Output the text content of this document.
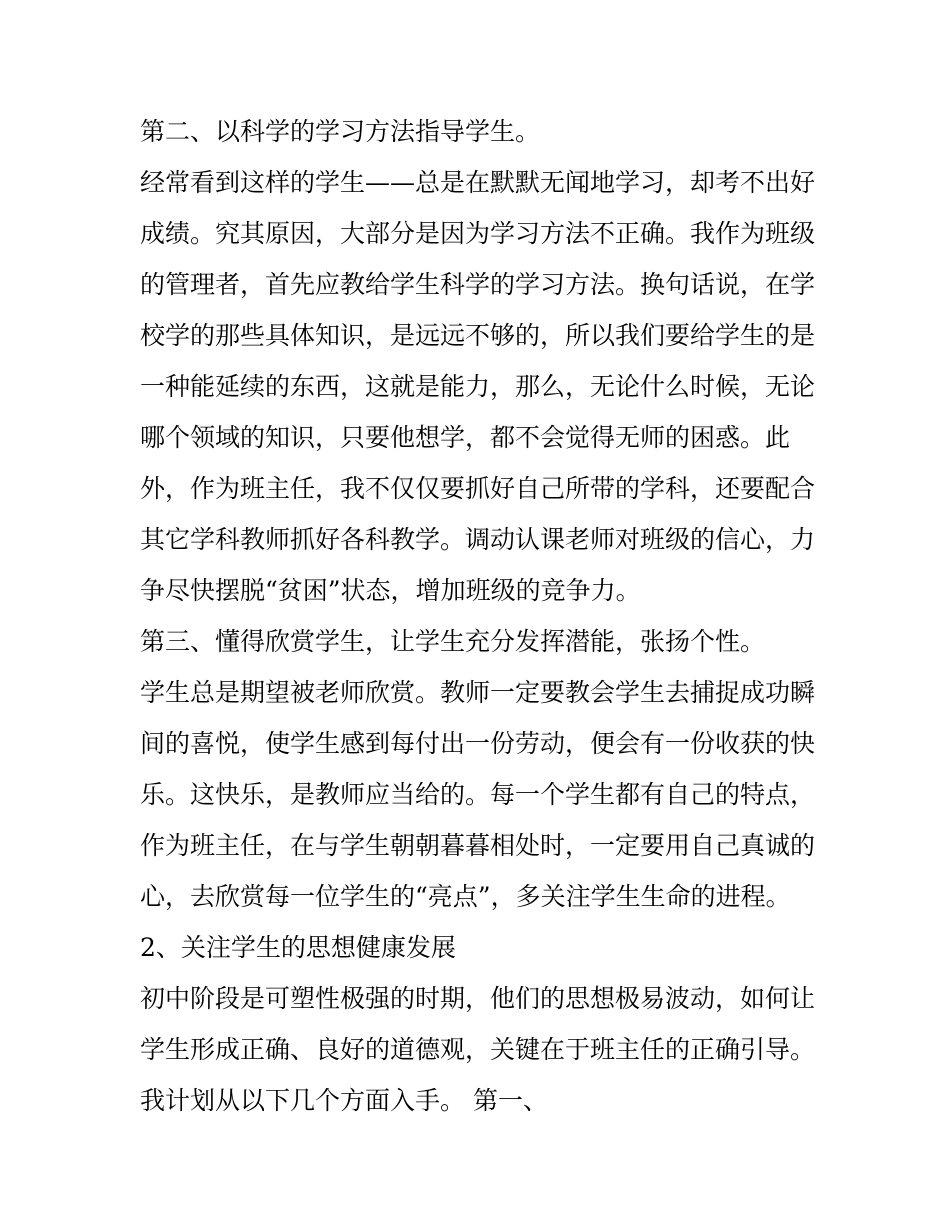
第二、以科学的学习方法指导学生。
经常看到这样的学生——总是在默默无闻地学习，却考不出好
成绩。究其原因，大部分是因为学习方法不正确。我作为班级
的管理者，首先应教给学生科学的学习方法。换句话说，在学
校学的那些具体知识，是远远不够的，所以我们要给学生的是
一种能延续的东西，这就是能力，那么，无论什么时候，无论
哪个领域的知识，只要他想学，都不会觉得无师的困惑。此
外，作为班主任，我不仅仅要抓好自己所带的学科，还要配合
其它学科教师抓好各科教学。调动认课老师对班级的信心，力
争尽快摆脱“贫困”状态，增加班级的竞争力。
第三、懂得欣赏学生，让学生充分发挥潜能，张扬个性。
学生总是期望被老师欣赏。教师一定要教会学生去捕捉成功瞬
间的喜悦，使学生感到每付出一份劳动，便会有一份收获的快
乐。这快乐，是教师应当给的。每一个学生都有自己的特点，
作为班主任，在与学生朝朝暮暮相处时，一定要用自己真诚的
心，去欣赏每一位学生的“亮点”，多关注学生生命的进程。
2、关注学生的思想健康发展
初中阶段是可塑性极强的时期，他们的思想极易波动，如何让
学生形成正确、良好的道德观，关键在于班主任的正确引导。
我计划从以下几个方面入手。 第一、
